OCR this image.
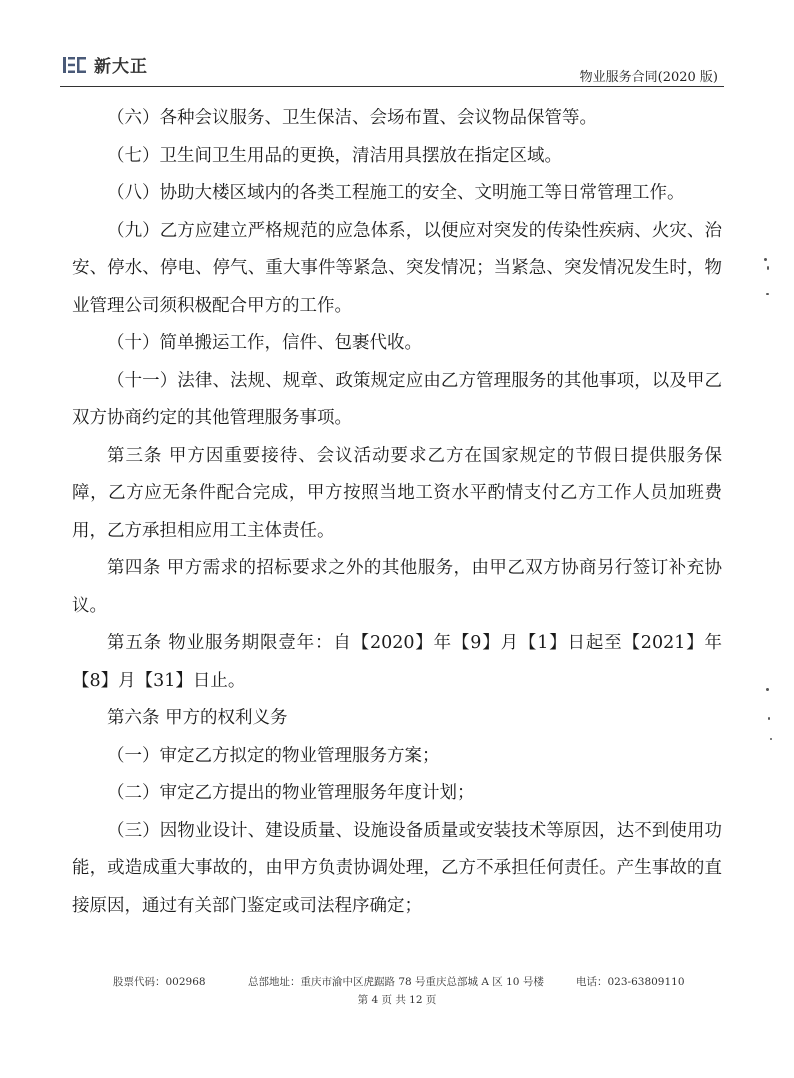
新大正
物业服务合同(2020 版)

（六）各种会议服务、卫生保洁、会场布置、会议物品保管等。

（七）卫生间卫生用品的更换，清洁用具摆放在指定区域。

（八）协助大楼区域内的各类工程施工的安全、文明施工等日常管理工作。

（九）乙方应建立严格规范的应急体系，以便应对突发的传染性疾病、火灾、治安、停水、停电、停气、重大事件等紧急、突发情况；当紧急、突发情况发生时，物业管理公司须积极配合甲方的工作。

（十）简单搬运工作，信件、包裹代收。

（十一）法律、法规、规章、政策规定应由乙方管理服务的其他事项，以及甲乙双方协商约定的其他管理服务事项。

第三条 甲方因重要接待、会议活动要求乙方在国家规定的节假日提供服务保障，乙方应无条件配合完成，甲方按照当地工资水平酌情支付乙方工作人员加班费用，乙方承担相应用工主体责任。

第四条 甲方需求的招标要求之外的其他服务，由甲乙双方协商另行签订补充协议。

第五条 物业服务期限壹年：自【2020】年【9】月【1】日起至【2021】年【8】月【31】日止。

第六条 甲方的权利义务

（一）审定乙方拟定的物业管理服务方案；

（二）审定乙方提出的物业管理服务年度计划；

（三）因物业设计、建设质量、设施设备质量或安装技术等原因，达不到使用功能，或造成重大事故的，由甲方负责协调处理，乙方不承担任何责任。产生事故的直接原因，通过有关部门鉴定或司法程序确定；

股票代码：002968	总部地址：重庆市渝中区虎踞路 78 号重庆总部城 A 区 10 号楼	电话：023-63809110
第 4 页 共 12 页
